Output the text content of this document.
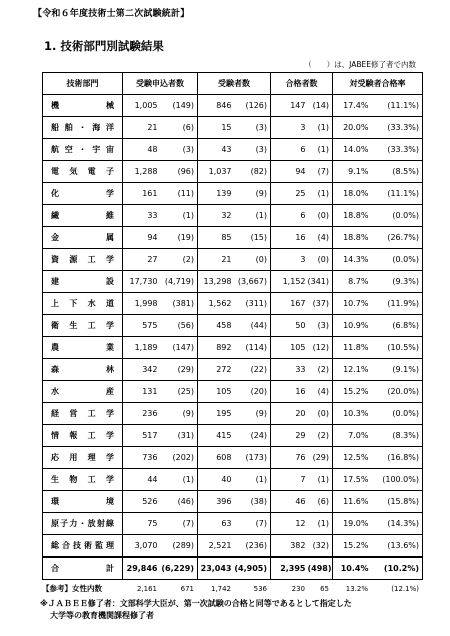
【令和６年度技術士第二次試験統計】
1. 技術部門別試験結果
（　　）は、JABEE修了者で内数
技術部門	受験申込者数		受験者数		合格者数		対受験者合格率	
機械	1,005	(149)	846	(126)	147	(14)	17.4%	(11.1%)
船舶・海洋	21	(6)	15	(3)	3	(1)	20.0%	(33.3%)
航空・宇宙	48	(3)	43	(3)	6	(1)	14.0%	(33.3%)
電気電子	1,288	(96)	1,037	(82)	94	(7)	9.1%	(8.5%)
化学	161	(11)	139	(9)	25	(1)	18.0%	(11.1%)
繊維	33	(1)	32	(1)	6	(0)	18.8%	(0.0%)
金属	94	(19)	85	(15)	16	(4)	18.8%	(26.7%)
資源工学	27	(2)	21	(0)	3	(0)	14.3%	(0.0%)
建設	17,730	(4,719)	13,298	(3,667)	1,152	(341)	8.7%	(9.3%)
上下水道	1,998	(381)	1,562	(311)	167	(37)	10.7%	(11.9%)
衛生工学	575	(56)	458	(44)	50	(3)	10.9%	(6.8%)
農業	1,189	(147)	892	(114)	105	(12)	11.8%	(10.5%)
森林	342	(29)	272	(22)	33	(2)	12.1%	(9.1%)
水産	131	(25)	105	(20)	16	(4)	15.2%	(20.0%)
経営工学	236	(9)	195	(9)	20	(0)	10.3%	(0.0%)
情報工学	517	(31)	415	(24)	29	(2)	7.0%	(8.3%)
応用理学	736	(202)	608	(173)	76	(29)	12.5%	(16.8%)
生物工学	44	(1)	40	(1)	7	(1)	17.5%	(100.0%)
環境	526	(46)	396	(38)	46	(6)	11.6%	(15.8%)
原子力・放射線	75	(7)	63	(7)	12	(1)	19.0%	(14.3%)
総合技術監理	3,070	(289)	2,521	(236)	382	(32)	15.2%	(13.6%)
合計	29,846	(6,229)	23,043	(4,905)	2,395	(498)	10.4%	(10.2%)
【参考】女性内数	2,161	671	1,742	536	230	65	13.2%	(12.1%)
※ＪＡＢＥＥ修了者：文部科学大臣が、第一次試験の合格と同等であるとして指定した
大学等の教育機関課程修了者
